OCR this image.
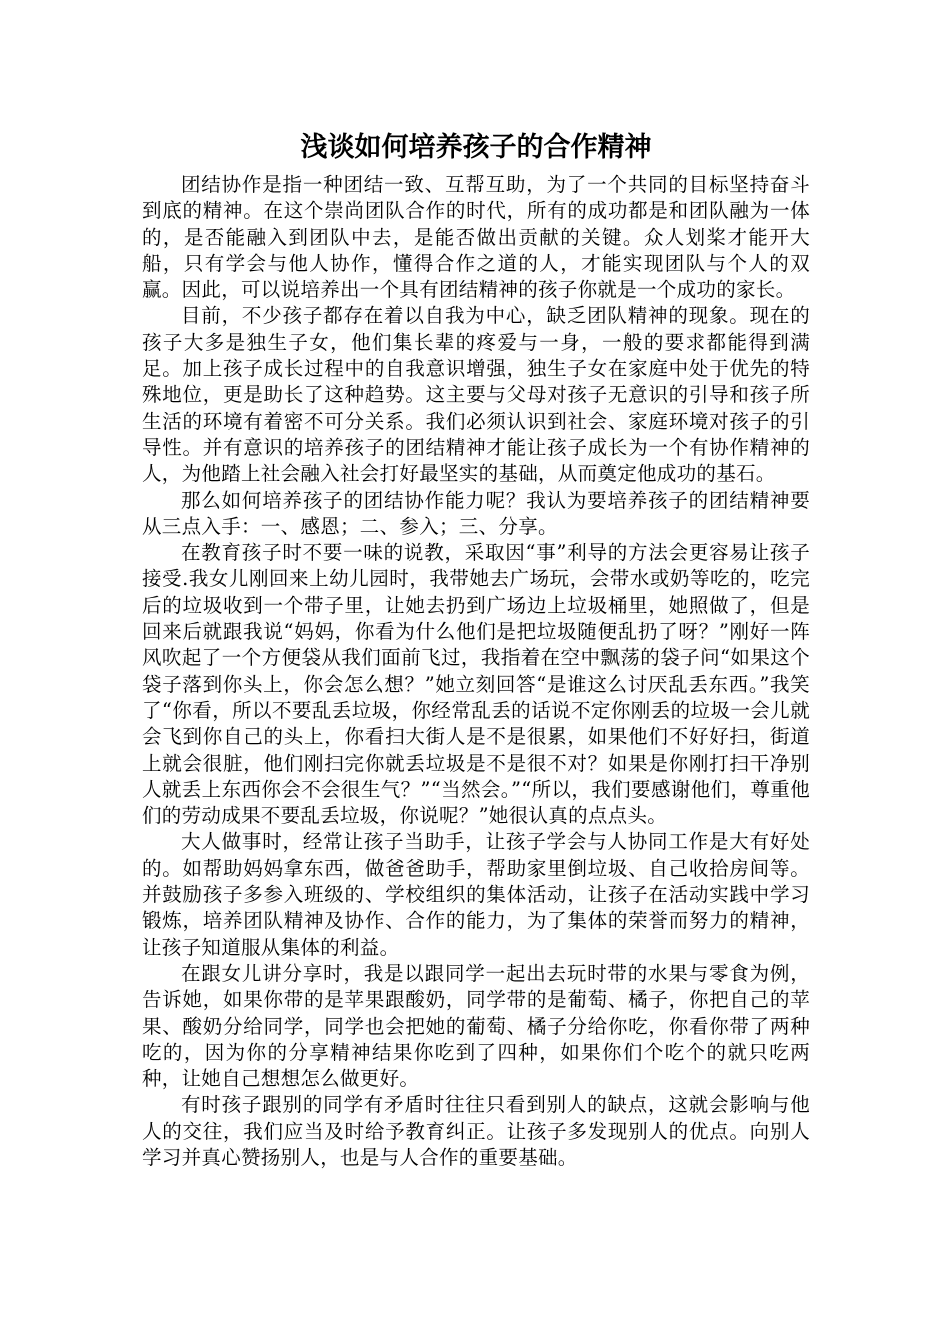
浅谈如何培养孩子的合作精神

团结协作是指一种团结一致、互帮互助，为了一个共同的目标坚持奋斗到底的精神。在这个崇尚团队合作的时代，所有的成功都是和团队融为一体的，是否能融入到团队中去，是能否做出贡献的关键。众人划桨才能开大船，只有学会与他人协作，懂得合作之道的人，才能实现团队与个人的双赢。因此，可以说培养出一个具有团结精神的孩子你就是一个成功的家长。

目前，不少孩子都存在着以自我为中心，缺乏团队精神的现象。现在的孩子大多是独生子女，他们集长辈的疼爱与一身，一般的要求都能得到满足。加上孩子成长过程中的自我意识增强，独生子女在家庭中处于优先的特殊地位，更是助长了这种趋势。这主要与父母对孩子无意识的引导和孩子所生活的环境有着密不可分关系。我们必须认识到社会、家庭环境对孩子的引导性。并有意识的培养孩子的团结精神才能让孩子成长为一个有协作精神的人，为他踏上社会融入社会打好最坚实的基础，从而奠定他成功的基石。

那么如何培养孩子的团结协作能力呢？我认为要培养孩子的团结精神要从三点入手：一、感恩；二、参入；三、分享。

在教育孩子时不要一味的说教，采取因“事”利导的方法会更容易让孩子接受.我女儿刚回来上幼儿园时，我带她去广场玩，会带水或奶等吃的，吃完后的垃圾收到一个带子里，让她去扔到广场边上垃圾桶里，她照做了，但是回来后就跟我说“妈妈，你看为什么他们是把垃圾随便乱扔了呀？”刚好一阵风吹起了一个方便袋从我们面前飞过，我指着在空中飘荡的袋子问“如果这个袋子落到你头上，你会怎么想？”她立刻回答“是谁这么讨厌乱丢东西。”我笑了“你看，所以不要乱丢垃圾，你经常乱丢的话说不定你刚丢的垃圾一会儿就会飞到你自己的头上，你看扫大街人是不是很累，如果他们不好好扫，街道上就会很脏，他们刚扫完你就丢垃圾是不是很不对？如果是你刚打扫干净别人就丢上东西你会不会很生气？”“当然会。”“所以，我们要感谢他们，尊重他们的劳动成果不要乱丢垃圾，你说呢？”她很认真的点点头。

大人做事时，经常让孩子当助手，让孩子学会与人协同工作是大有好处的。如帮助妈妈拿东西，做爸爸助手，帮助家里倒垃圾、自己收拾房间等。并鼓励孩子多参入班级的、学校组织的集体活动，让孩子在活动实践中学习锻炼，培养团队精神及协作、合作的能力，为了集体的荣誉而努力的精神，让孩子知道服从集体的利益。

在跟女儿讲分享时，我是以跟同学一起出去玩时带的水果与零食为例，告诉她，如果你带的是苹果跟酸奶，同学带的是葡萄、橘子，你把自己的苹果、酸奶分给同学，同学也会把她的葡萄、橘子分给你吃，你看你带了两种吃的，因为你的分享精神结果你吃到了四种，如果你们个吃个的就只吃两种，让她自己想想怎么做更好。

有时孩子跟别的同学有矛盾时往往只看到别人的缺点，这就会影响与他人的交往，我们应当及时给予教育纠正。让孩子多发现别人的优点。向别人学习并真心赞扬别人，也是与人合作的重要基础。
